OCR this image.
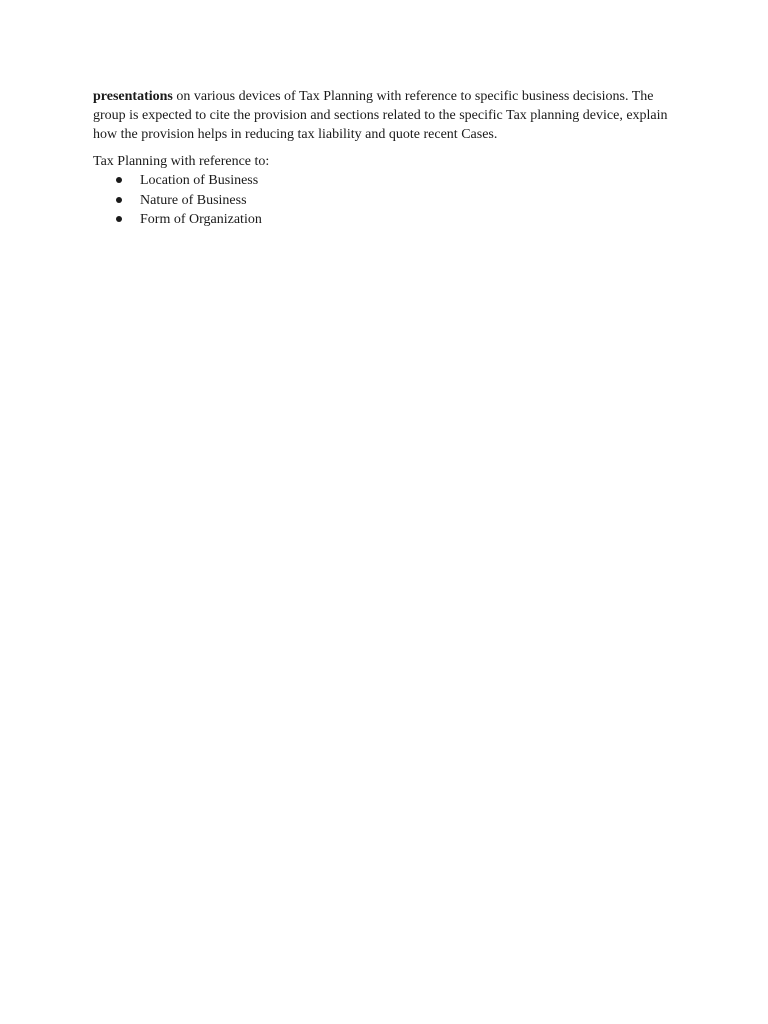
presentations on various devices of Tax Planning with reference to specific business decisions. The group is expected to cite the provision and sections related to the specific Tax planning device, explain how the provision helps in reducing tax liability and quote recent Cases.

Tax Planning with reference to:

Location of Business
Nature of Business
Form of Organization
